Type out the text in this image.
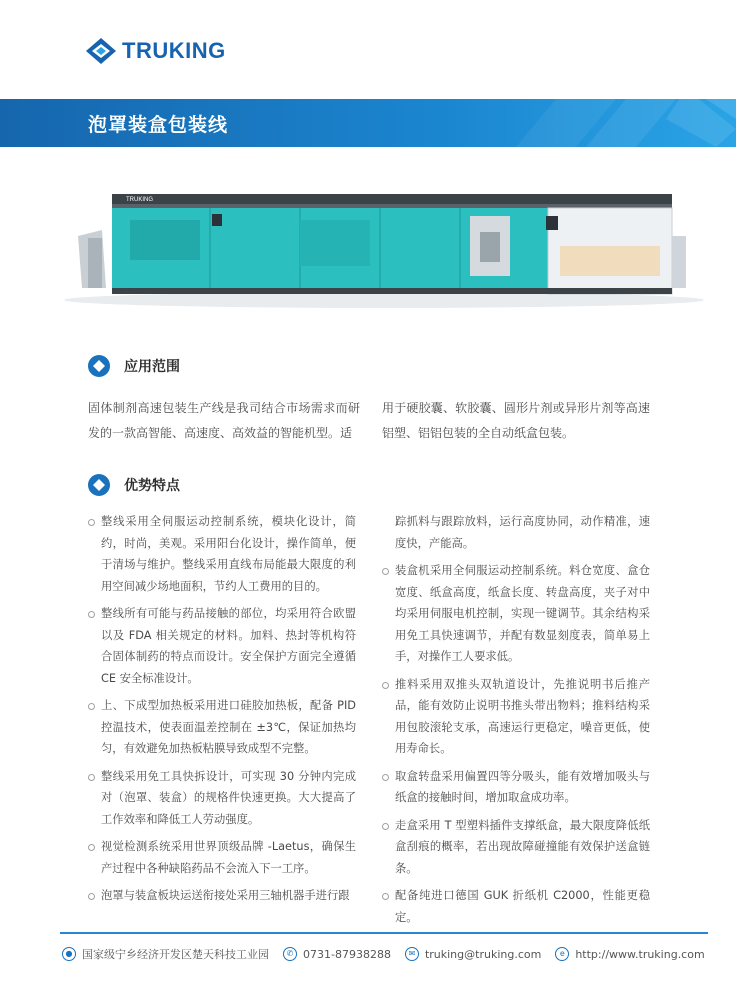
TRUKING
泡罩装盒包装线
TRUKING
应用范围
固体制剂高速包装生产线是我司结合市场需求而研发的一款高智能、高速度、高效益的智能机型。适
用于硬胶囊、软胶囊、圆形片剂或异形片剂等高速铝塑、铝铝包装的全自动纸盒包装。
优势特点
整线采用全伺服运动控制系统，模块化设计，简约，时尚，美观。采用阳台化设计，操作简单，便于清场与维护。整线采用直线布局能最大限度的利用空间减少场地面积，节约人工费用的目的。
整线所有可能与药品接触的部位，均采用符合欧盟以及 FDA 相关规定的材料。加料、热封等机构符合固体制药的特点而设计。安全保护方面完全遵循 CE 安全标准设计。
上、下成型加热板采用进口硅胶加热板，配备 PID 控温技术，使表面温差控制在 ±3℃，保证加热均匀，有效避免加热板粘膜导致成型不完整。
整线采用免工具快拆设计，可实现 30 分钟内完成对（泡罩、装盒）的规格件快速更换。大大提高了工作效率和降低工人劳动强度。
视觉检测系统采用世界顶级品牌 -Laetus，确保生产过程中各种缺陷药品不会流入下一工序。
泡罩与装盒板块运送衔接处采用三轴机器手进行跟
踪抓料与跟踪放料，运行高度协同，动作精准，速度快，产能高。
装盒机采用全伺服运动控制系统。料仓宽度、盒仓宽度、纸盒高度，纸盒长度、转盘高度，夹子对中均采用伺服电机控制，实现一键调节。其余结构采用免工具快速调节，并配有数显刻度表，简单易上手，对操作工人要求低。
推料采用双推头双轨道设计，先推说明书后推产品，能有效防止说明书推头带出物料；推料结构采用包胶滚轮支承，高速运行更稳定，噪音更低，使用寿命长。
取盒转盘采用偏置四等分吸头，能有效增加吸头与纸盒的接触时间，增加取盒成功率。
走盒采用 T 型塑料插件支撑纸盒，最大限度降低纸盒刮痕的概率，若出现故障碰撞能有效保护送盒链条。
配备纯进口德国 GUK 折纸机 C2000，性能更稳定。
● 国家级宁乡经济开发区楚天科技工业园	✆ 0731-87938288	✉ truking@truking.com	e http://www.truking.com
